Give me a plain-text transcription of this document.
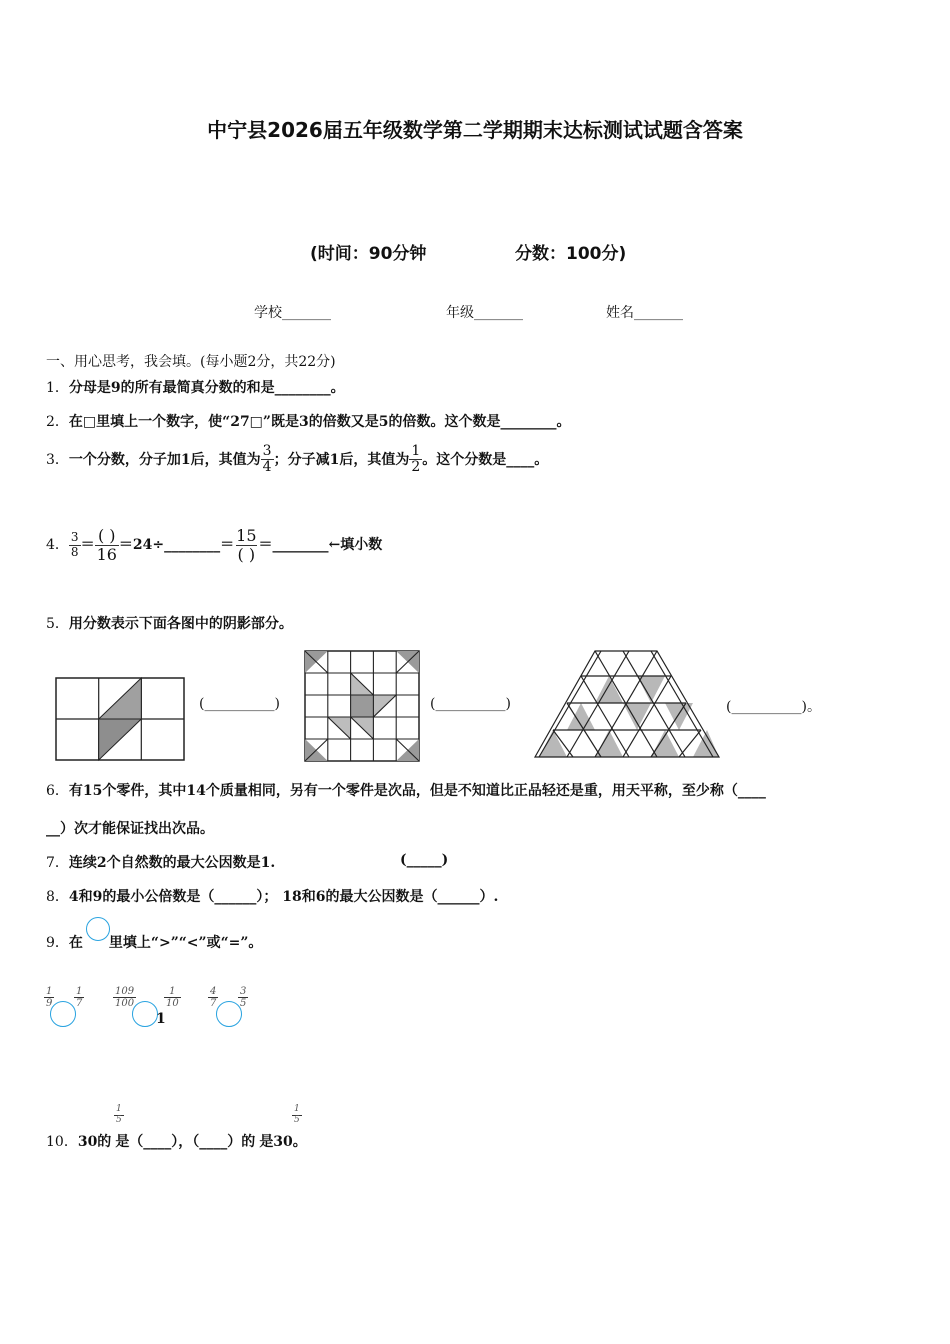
中宁县2026届五年级数学第二学期期末达标测试试题含答案
(时间：90分钟	分数：100分)
学校_______	年级_______	姓名_______
一、用心思考，我会填。(每小题2分，共22分)
1．分母是9的所有最简真分数的和是________。
2．在□里填上一个数字，使“27□”既是3的倍数又是5的倍数。这个数是________。
3．一个分数，分子加1后，其值为 $\frac{3}{4}$ ；分子减1后，其值为 $\frac{1}{2}$ 。这个分数是____。
4． $\frac{3}{8} = \frac{( )}{16}$ ＝24÷________＝ $\frac{15}{( )}$ ＝________←填小数
5．用分数表示下面各图中的阴影部分。
(__________)	(__________)	(__________)。
6．有15个零件，其中14个质量相同，另有一个零件是次品，但是不知道比正品轻还是重，用天平称，至少称（____
__）次才能保证找出次品。
7．连续2个自然数的最大公因数是1.	(_____)
8．4和9的最小公倍数是（______）； 18和6的最大公因数是（______）.
9．在 里填上“>”“<”或“=”。
$\frac{1}{9} \frac{1}{7}$	$\frac{109}{100}$
1
$\frac{1}{10}$	$\frac{4}{7} \frac{3}{5}$
10．30的 是（____），（____）的 是30。
$\frac{1}{5}$	$\frac{1}{5}$
